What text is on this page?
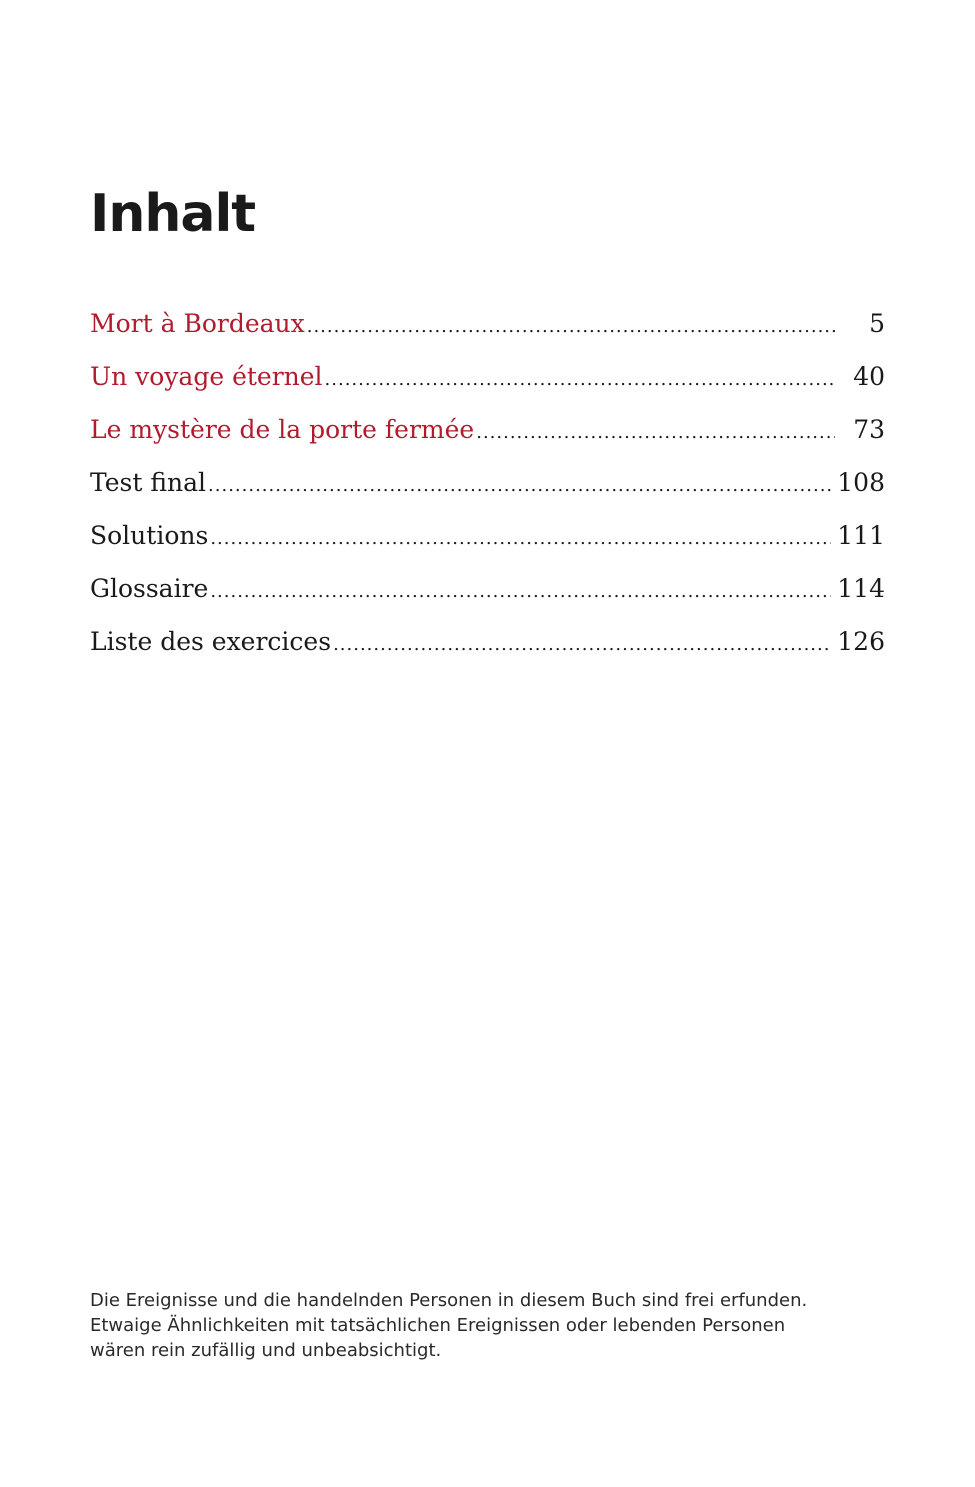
Inhalt
Mort à Bordeaux .....	5
Un voyage éternel .....	40
Le mystère de la porte fermée .....	73
Test final .....	108
Solutions .....	111
Glossaire .....	114
Liste des exercices .....	126

Die Ereignisse und die handelnden Personen in diesem Buch sind frei erfunden.
Etwaige Ähnlichkeiten mit tatsächlichen Ereignissen oder lebenden Personen
wären rein zufällig und unbeabsichtigt.
